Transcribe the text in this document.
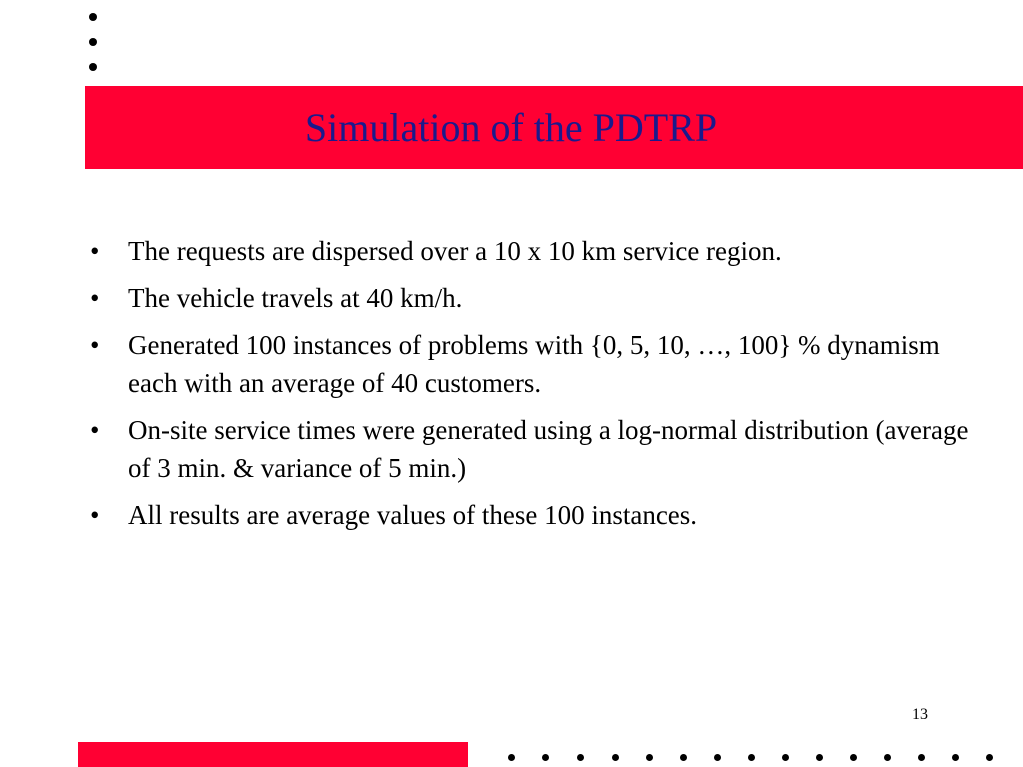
Simulation of the PDTRP
•	The requests are dispersed over a 10 x 10 km service region.
•	The vehicle travels at 40 km/h.
•	Generated 100 instances of problems with {0, 5, 10, …, 100} % dynamism each with an average of 40 customers.
•	On-site service times were generated using a log-normal distribution (average of 3 min. & variance of 5 min.)
•	All results are average values of these 100 instances.
13
